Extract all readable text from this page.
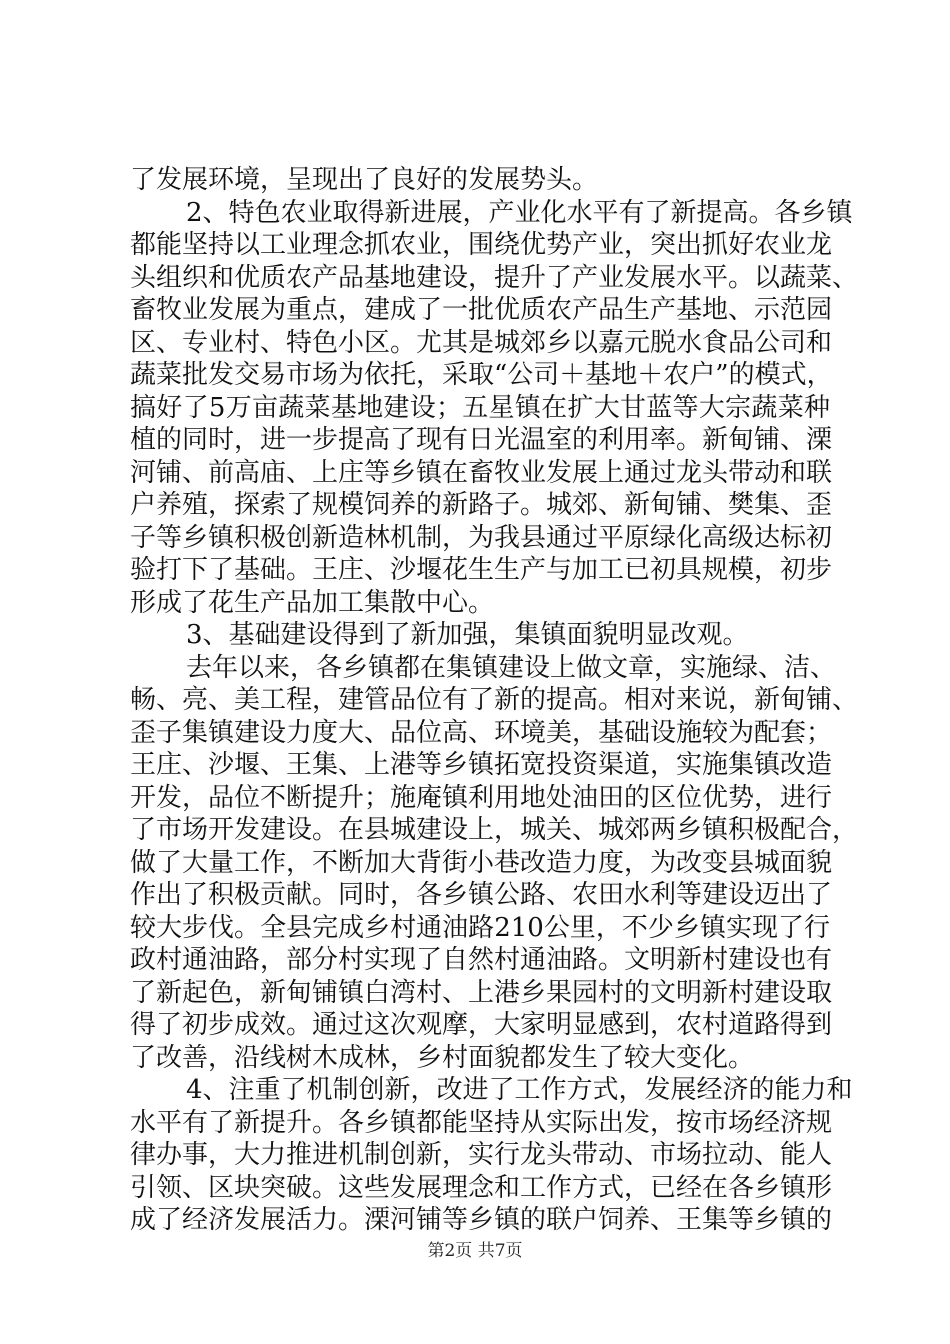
了发展环境，呈现出了良好的发展势头。
2、特色农业取得新进展，产业化水平有了新提高。各乡镇
都能坚持以工业理念抓农业，围绕优势产业，突出抓好农业龙
头组织和优质农产品基地建设，提升了产业发展水平。以蔬菜、
畜牧业发展为重点，建成了一批优质农产品生产基地、示范园
区、专业村、特色小区。尤其是城郊乡以嘉元脱水食品公司和
蔬菜批发交易市场为依托，采取“公司＋基地＋农户”的模式，
搞好了5万亩蔬菜基地建设；五星镇在扩大甘蓝等大宗蔬菜种
植的同时，进一步提高了现有日光温室的利用率。新甸铺、溧
河铺、前高庙、上庄等乡镇在畜牧业发展上通过龙头带动和联
户养殖，探索了规模饲养的新路子。城郊、新甸铺、樊集、歪
子等乡镇积极创新造林机制，为我县通过平原绿化高级达标初
验打下了基础。王庄、沙堰花生生产与加工已初具规模，初步
形成了花生产品加工集散中心。
3、基础建设得到了新加强，集镇面貌明显改观。
去年以来，各乡镇都在集镇建设上做文章，实施绿、洁、
畅、亮、美工程，建管品位有了新的提高。相对来说，新甸铺、
歪子集镇建设力度大、品位高、环境美，基础设施较为配套；
王庄、沙堰、王集、上港等乡镇拓宽投资渠道，实施集镇改造
开发，品位不断提升；施庵镇利用地处油田的区位优势，进行
了市场开发建设。在县城建设上，城关、城郊两乡镇积极配合，
做了大量工作，不断加大背街小巷改造力度，为改变县城面貌
作出了积极贡献。同时，各乡镇公路、农田水利等建设迈出了
较大步伐。全县完成乡村通油路210公里，不少乡镇实现了行
政村通油路，部分村实现了自然村通油路。文明新村建设也有
了新起色，新甸铺镇白湾村、上港乡果园村的文明新村建设取
得了初步成效。通过这次观摩，大家明显感到，农村道路得到
了改善，沿线树木成林，乡村面貌都发生了较大变化。
4、注重了机制创新，改进了工作方式，发展经济的能力和
水平有了新提升。各乡镇都能坚持从实际出发，按市场经济规
律办事，大力推进机制创新，实行龙头带动、市场拉动、能人
引领、区块突破。这些发展理念和工作方式，已经在各乡镇形
成了经济发展活力。溧河铺等乡镇的联户饲养、王集等乡镇的
第2页 共7页
